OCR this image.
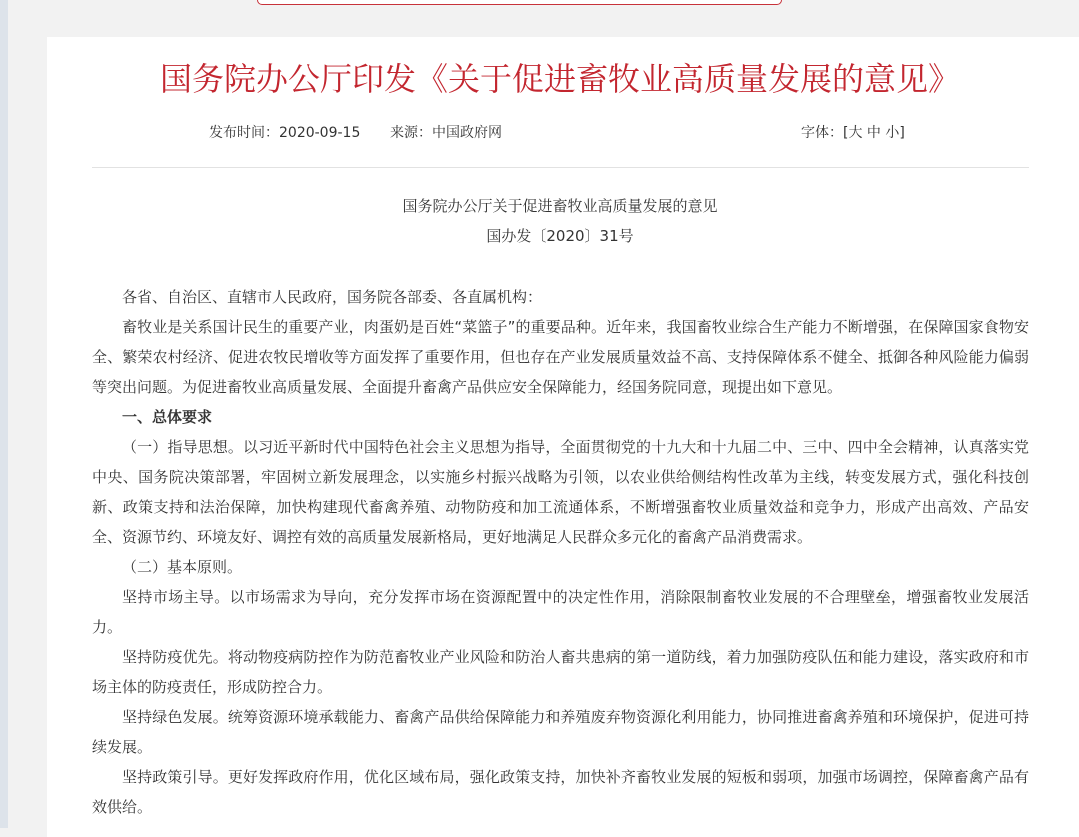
国务院办公厅印发《关于促进畜牧业高质量发展的意见》
发布时间：2020-09-15 来源：中国政府网	字体：[大 中 小]
国务院办公厅关于促进畜牧业高质量发展的意见
国办发〔2020〕31号

各省、自治区、直辖市人民政府，国务院各部委、各直属机构：

畜牧业是关系国计民生的重要产业，肉蛋奶是百姓“菜篮子”的重要品种。近年来，我国畜牧业综合生产能力不断增强，在保障国家食物安全、繁荣农村经济、促进农牧民增收等方面发挥了重要作用，但也存在产业发展质量效益不高、支持保障体系不健全、抵御各种风险能力偏弱等突出问题。为促进畜牧业高质量发展、全面提升畜禽产品供应安全保障能力，经国务院同意，现提出如下意见。

一、总体要求

（一）指导思想。以习近平新时代中国特色社会主义思想为指导，全面贯彻党的十九大和十九届二中、三中、四中全会精神，认真落实党中央、国务院决策部署，牢固树立新发展理念，以实施乡村振兴战略为引领，以农业供给侧结构性改革为主线，转变发展方式，强化科技创新、政策支持和法治保障，加快构建现代畜禽养殖、动物防疫和加工流通体系，不断增强畜牧业质量效益和竞争力，形成产出高效、产品安全、资源节约、环境友好、调控有效的高质量发展新格局，更好地满足人民群众多元化的畜禽产品消费需求。

（二）基本原则。

坚持市场主导。以市场需求为导向，充分发挥市场在资源配置中的决定性作用，消除限制畜牧业发展的不合理壁垒，增强畜牧业发展活力。

坚持防疫优先。将动物疫病防控作为防范畜牧业产业风险和防治人畜共患病的第一道防线，着力加强防疫队伍和能力建设，落实政府和市场主体的防疫责任，形成防控合力。

坚持绿色发展。统筹资源环境承载能力、畜禽产品供给保障能力和养殖废弃物资源化利用能力，协同推进畜禽养殖和环境保护，促进可持续发展。

坚持政策引导。更好发挥政府作用，优化区域布局，强化政策支持，加快补齐畜牧业发展的短板和弱项，加强市场调控，保障畜禽产品有效供给。
